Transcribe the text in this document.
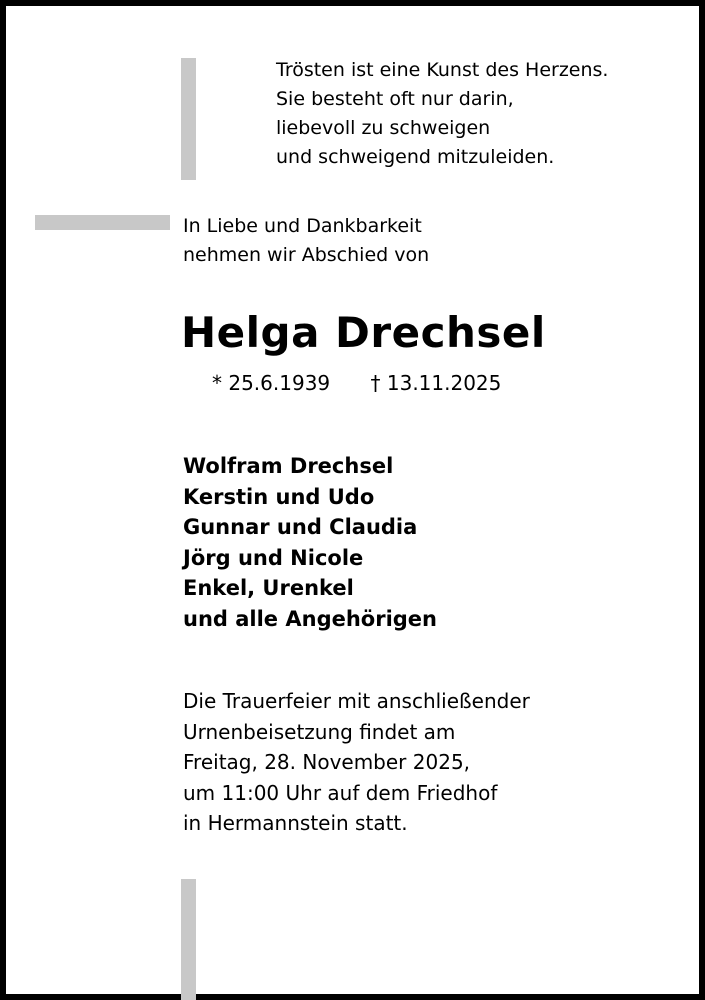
Trösten ist eine Kunst des Herzens.
Sie besteht oft nur darin,
liebevoll zu schweigen
und schweigend mitzuleiden.
In Liebe und Dankbarkeit
nehmen wir Abschied von
Helga Drechsel
* 25.6.1939 † 13.11.2025
Wolfram Drechsel
Kerstin und Udo
Gunnar und Claudia
Jörg und Nicole
Enkel, Urenkel
und alle Angehörigen
Die Trauerfeier mit anschließender
Urnenbeisetzung findet am
Freitag, 28. November 2025,
um 11:00 Uhr auf dem Friedhof
in Hermannstein statt.
